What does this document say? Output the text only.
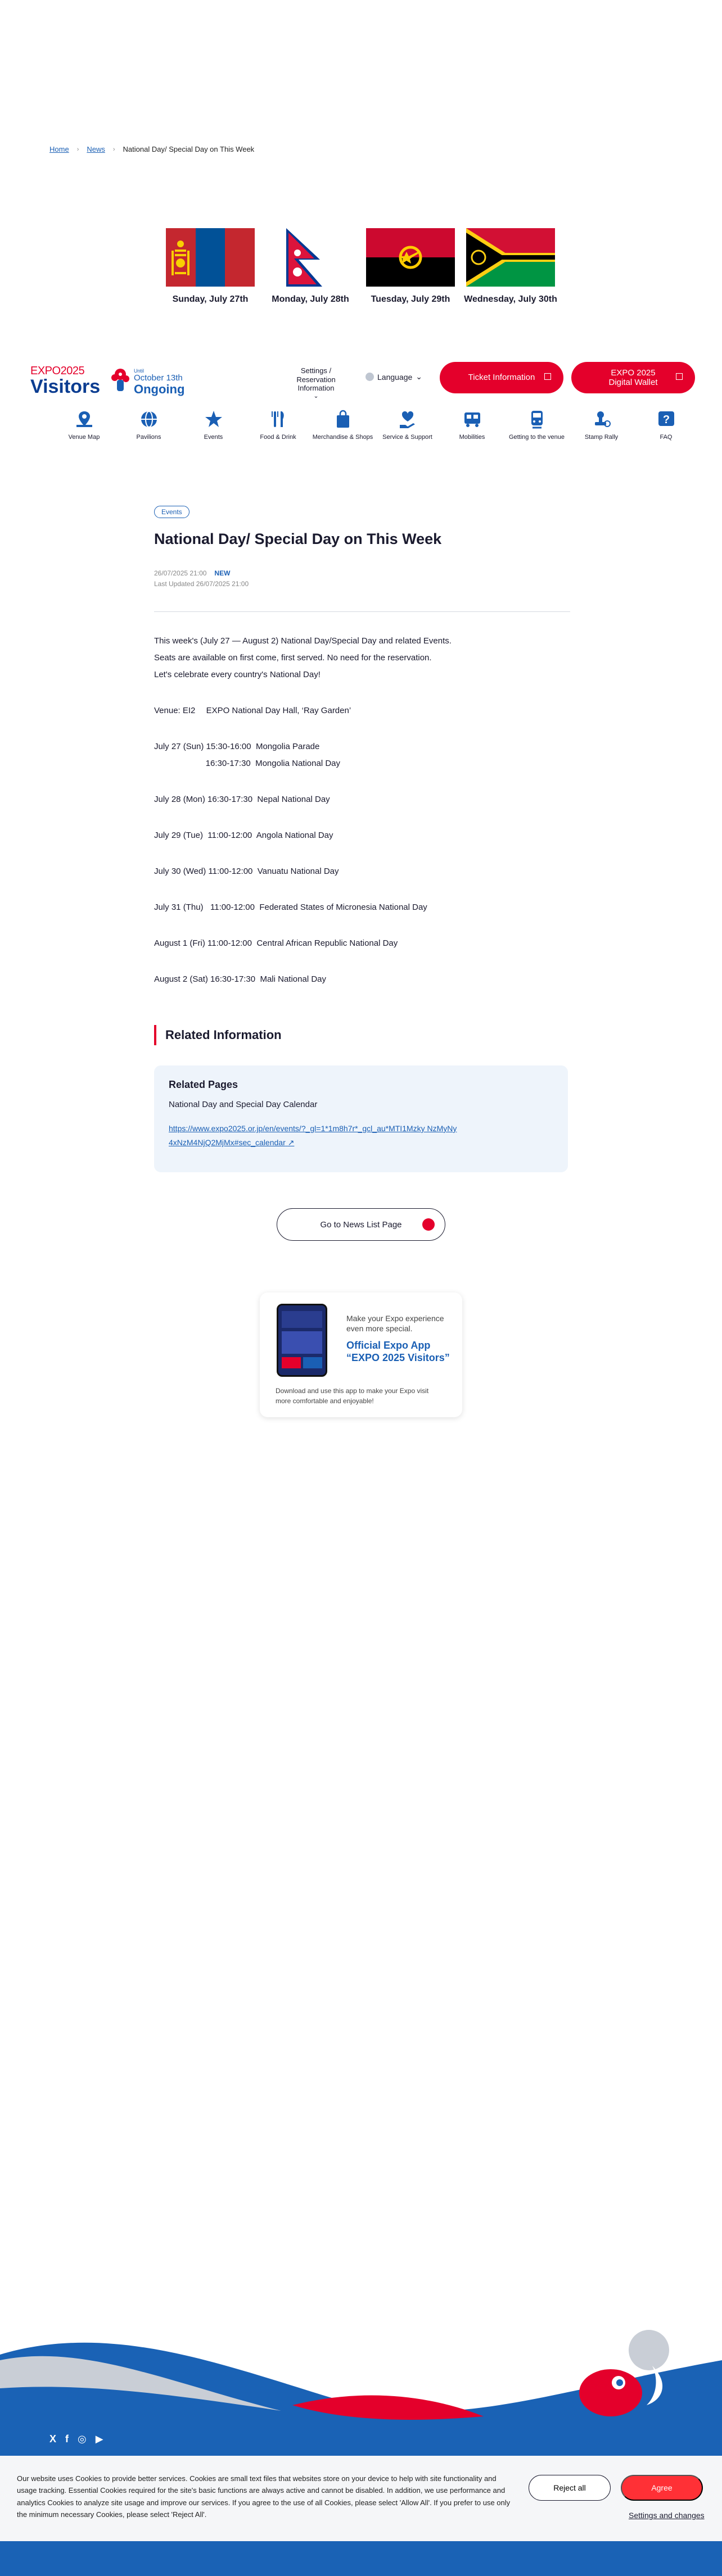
Home › News › National Day/ Special Day on This Week
Sunday, July 27th	Monday, July 28th Tuesday, July 29th Wednesday, July 30th
EXPO2025
Visitors
Until
October 13th
Ongoing
Settings / Reservation Information
⌄
Language ⌄	Ticket Information
EXPO 2025 Digital Wallet
Venue Map	Pavilions	Events	Food & Drink	Merchandise & Shops Service & Support	Mobilities	Getting to the venue	Stamp Rally
?
FAQ
Events
National Day/ Special Day on This Week
26/07/2025 21:00 NEW
Last Updated 26/07/2025 21:00

This week's (July 27 — August 2) National Day/Special Day and related Events.

Seats are available on first come, first served. No need for the reservation.

Let's celebrate every country's National Day!

Venue: EI2　 EXPO National Day Hall, ‘Ray Garden’

July 27 (Sun) 15:30-16:00  Mongolia Parade

16:30-17:30  Mongolia National Day

July 28 (Mon) 16:30-17:30  Nepal National Day

July 29 (Tue)  11:00-12:00  Angola National Day

July 30 (Wed) 11:00-12:00  Vanuatu National Day

July 31 (Thu)   11:00-12:00  Federated States of Micronesia National Day

August 1 (Fri) 11:00-12:00  Central African Republic National Day

August 2 (Sat) 16:30-17:30  Mali National Day

Related Information
Related Pages
National Day and Special Day Calendar
https://www.expo2025.or.jp/en/events/?_gl=1*1m8h7r*_gcl_au*MTI1Mzky NzMyNy4xNzM4NjQ2MjMx#sec_calendar ↗
Go to News List Page
Make your Expo experience even more special.
Official Expo App “EXPO 2025 Visitors”
Download and use this app to make your Expo visit more comfortable and enjoyable!
X f ◎ ▶

Our website uses Cookies to provide better services. Cookies are small text files that websites store on your device to help with site functionality and usage tracking. Essential Cookies required for the site's basic functions are always active and cannot be disabled. In addition, we use performance and analytics Cookies to analyze site usage and improve our services. If you agree to the use of all Cookies, please select 'Allow All'. If you prefer to use only the minimum necessary Cookies, please select 'Reject All'.

Reject all	Agree
Settings and changes
